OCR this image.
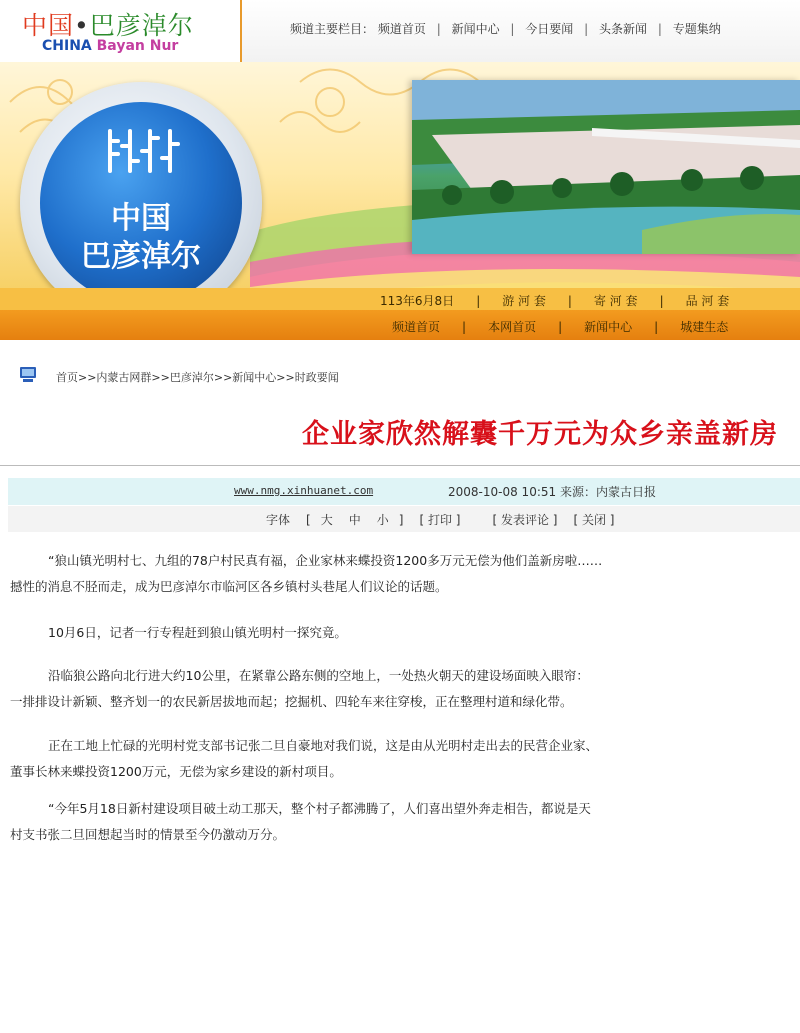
中国•巴彦淖尔
CHINA Bayan Nur
频道主要栏目： 频道首页 | 新闻中心 | 今日要闻 | 头条新闻 | 专题集纳
中国
巴彦淖尔
113年6月8日 | 游 河 套 | 寄 河 套 | 品 河 套
频道首页 | 本网首页 | 新闻中心 | 城建生态
首页>>内蒙古网群>>巴彦淖尔>>新闻中心>>时政要闻
企业家欣然解囊千万元为众乡亲盖新房
www.nmg.xinhuanet.com	2008-10-08 10:51 来源：内蒙古日报
字体 [ 大 中 小 ] [ 打印 ]	[ 发表评论 ] [ 关闭 ]
“狼山镇光明村七、九组的78户村民真有福，企业家林来蝶投资1200多万元无偿为他们盖新房啦……
撼性的消息不胫而走，成为巴彦淖尔市临河区各乡镇村头巷尾人们议论的话题。
10月6日，记者一行专程赶到狼山镇光明村一探究竟。
沿临狼公路向北行进大约10公里，在紧靠公路东侧的空地上，一处热火朝天的建设场面映入眼帘：
一排排设计新颖、整齐划一的农民新居拔地而起；挖掘机、四轮车来往穿梭，正在整理村道和绿化带。
正在工地上忙碌的光明村党支部书记张二旦自豪地对我们说，这是由从光明村走出去的民营企业家、
董事长林来蝶投资1200万元，无偿为家乡建设的新村项目。
“今年5月18日新村建设项目破土动工那天，整个村子都沸腾了，人们喜出望外奔走相告，都说是天
村支书张二旦回想起当时的情景至今仍激动万分。
